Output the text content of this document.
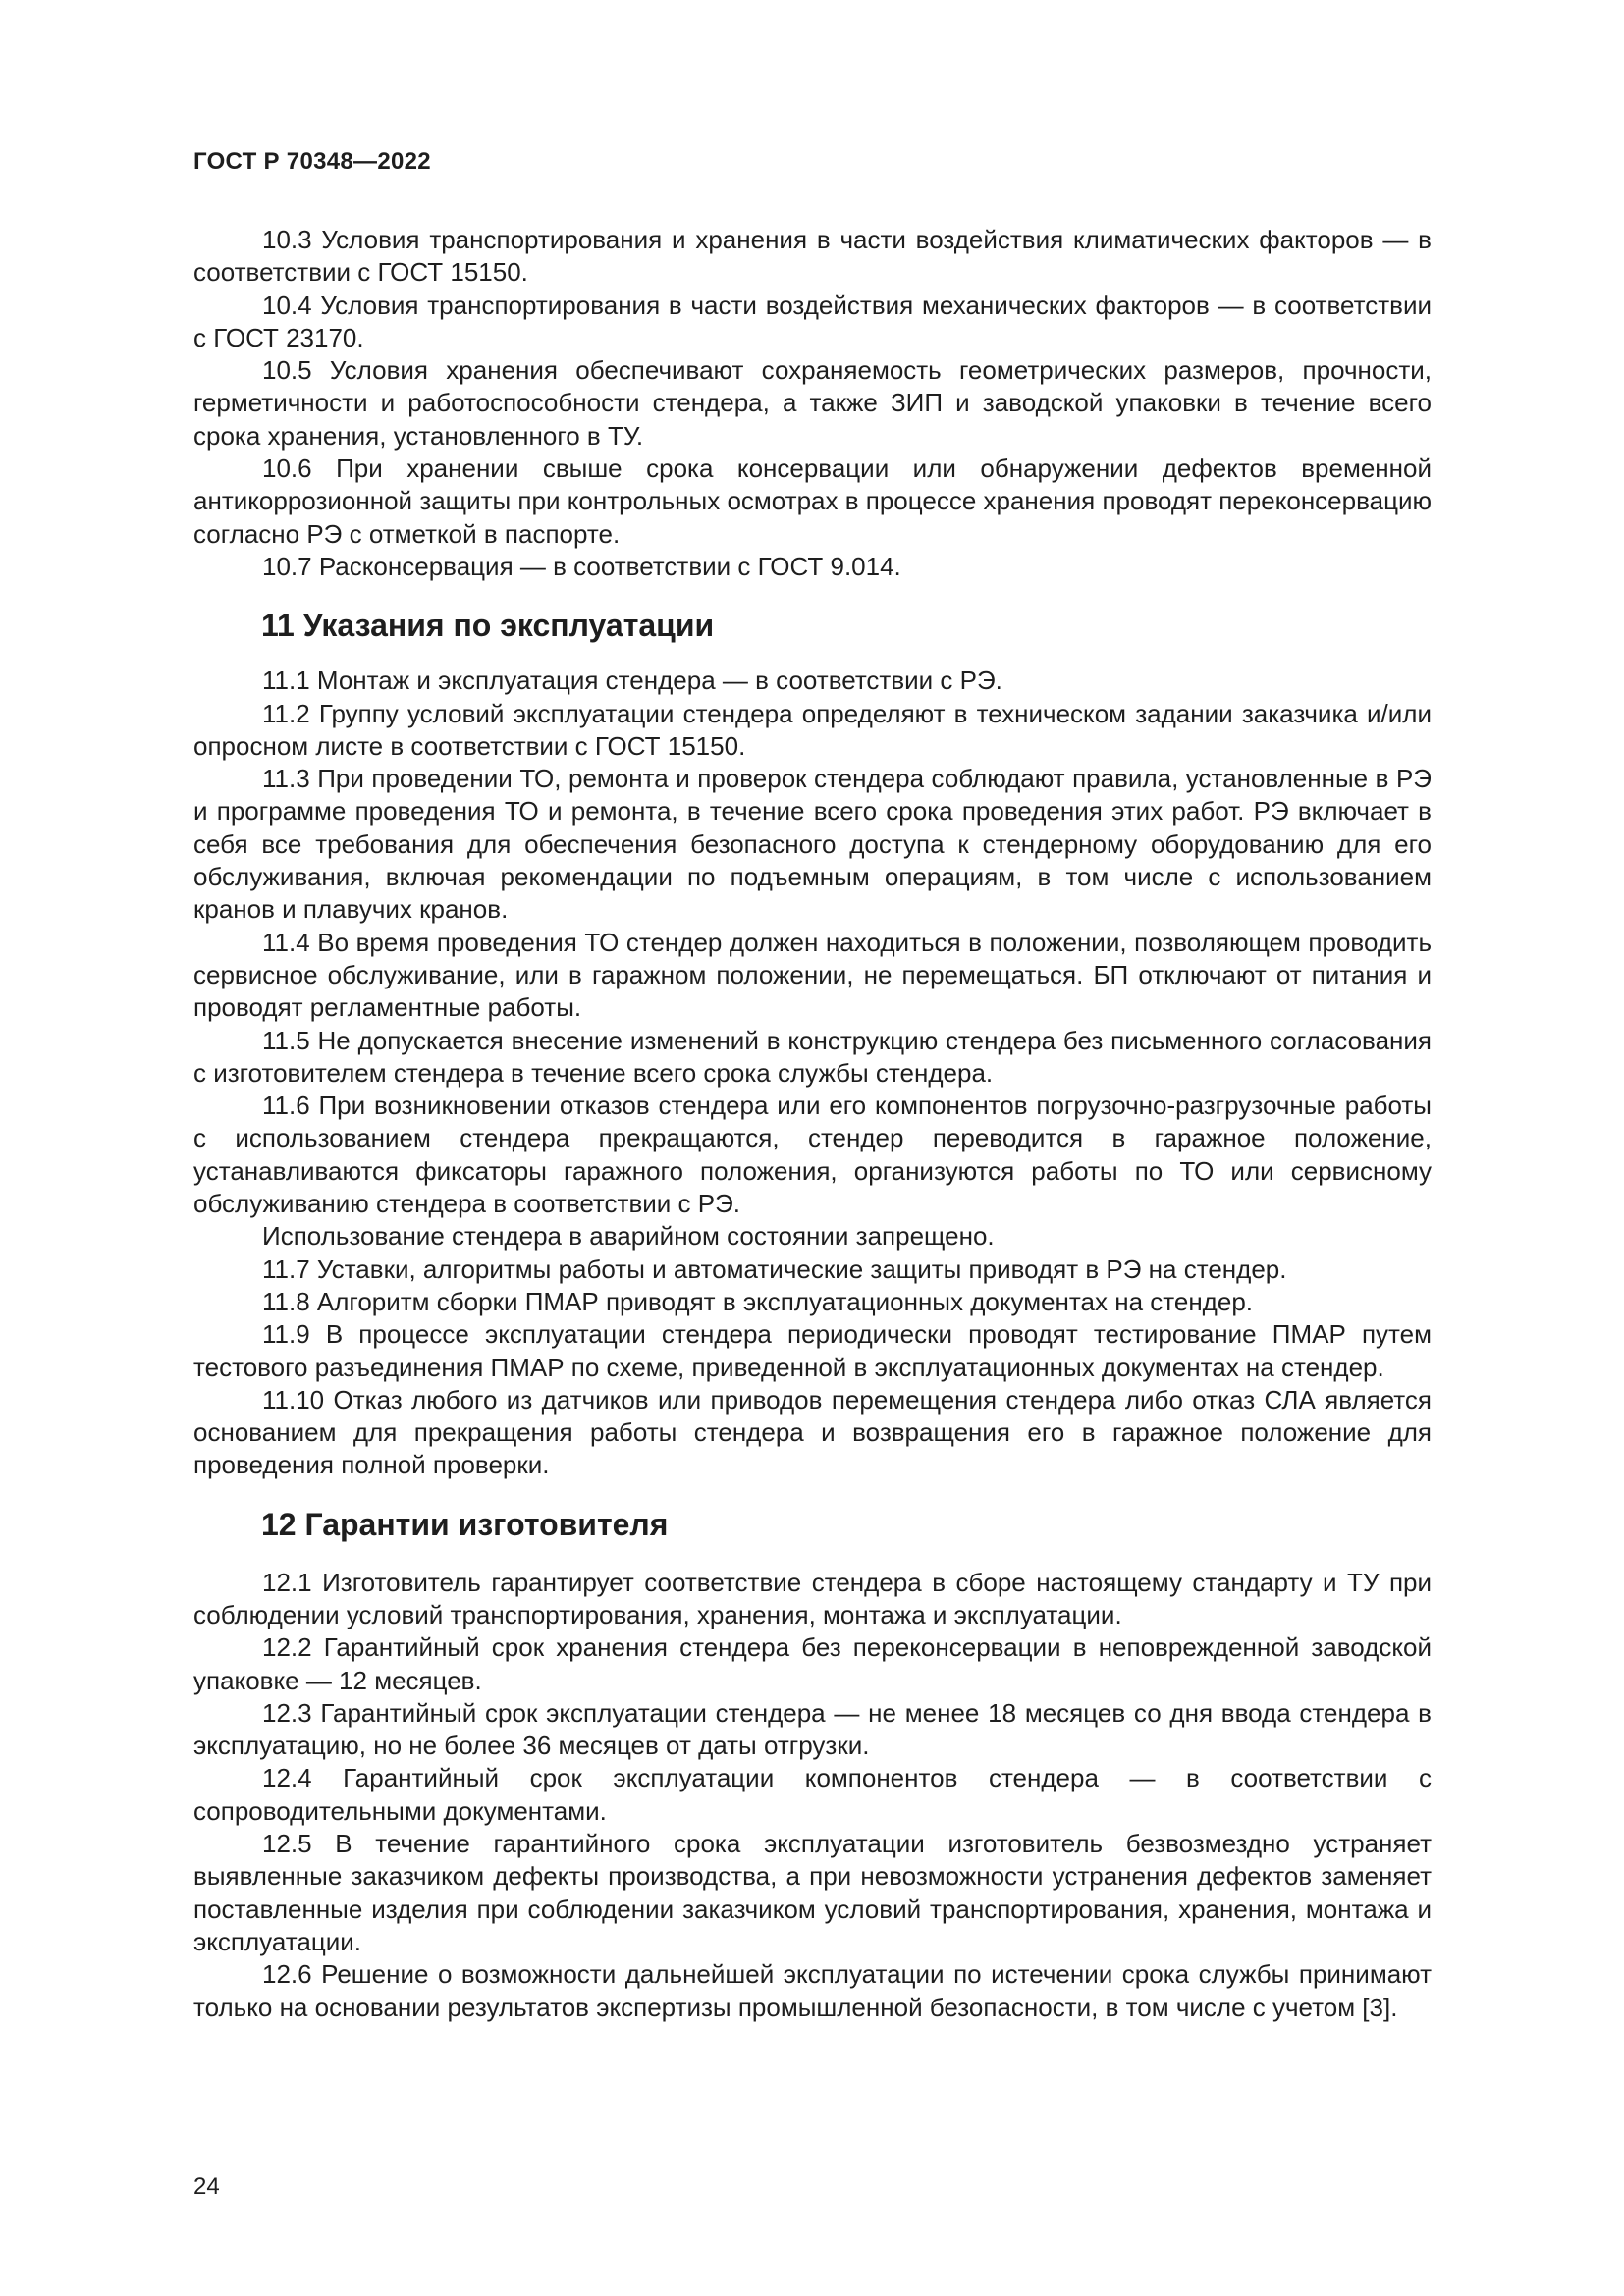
ГОСТ Р 70348—2022

10.3 Условия транспортирования и хранения в части воздействия климатических факторов — в соответствии с ГОСТ 15150.

10.4 Условия транспортирования в части воздействия механических факторов — в соответствии с ГОСТ 23170.

10.5 Условия хранения обеспечивают сохраняемость геометрических размеров, прочности, герметичности и работоспособности стендера, а также ЗИП и заводской упаковки в течение всего срока хранения, установленного в ТУ.

10.6 При хранении свыше срока консервации или обнаружении дефектов временной антикоррозионной защиты при контрольных осмотрах в процессе хранения проводят переконсервацию согласно РЭ с отметкой в паспорте.

10.7 Расконсервация — в соответствии с ГОСТ 9.014.

11 Указания по эксплуатации

11.1 Монтаж и эксплуатация стендера — в соответствии с РЭ.

11.2 Группу условий эксплуатации стендера определяют в техническом задании заказчика и/или опросном листе в соответствии с ГОСТ 15150.

11.3 При проведении ТО, ремонта и проверок стендера соблюдают правила, установленные в РЭ и программе проведения ТО и ремонта, в течение всего срока проведения этих работ. РЭ включает в себя все требования для обеспечения безопасного доступа к стендерному оборудованию для его обслуживания, включая рекомендации по подъемным операциям, в том числе с использованием кранов и плавучих кранов.

11.4 Во время проведения ТО стендер должен находиться в положении, позволяющем проводить сервисное обслуживание, или в гаражном положении, не перемещаться. БП отключают от питания и проводят регламентные работы.

11.5 Не допускается внесение изменений в конструкцию стендера без письменного согласования с изготовителем стендера в течение всего срока службы стендера.

11.6 При возникновении отказов стендера или его компонентов погрузочно-разгрузочные работы с использованием стендера прекращаются, стендер переводится в гаражное положение, устанавливаются фиксаторы гаражного положения, организуются работы по ТО или сервисному обслуживанию стендера в соответствии с РЭ.

Использование стендера в аварийном состоянии запрещено.

11.7 Уставки, алгоритмы работы и автоматические защиты приводят в РЭ на стендер.

11.8 Алгоритм сборки ПМАР приводят в эксплуатационных документах на стендер.

11.9 В процессе эксплуатации стендера периодически проводят тестирование ПМАР путем тестового разъединения ПМАР по схеме, приведенной в эксплуатационных документах на стендер.

11.10 Отказ любого из датчиков или приводов перемещения стендера либо отказ СЛА является основанием для прекращения работы стендера и возвращения его в гаражное положение для проведения полной проверки.

12 Гарантии изготовителя

12.1 Изготовитель гарантирует соответствие стендера в сборе настоящему стандарту и ТУ при соблюдении условий транспортирования, хранения, монтажа и эксплуатации.

12.2 Гарантийный срок хранения стендера без переконсервации в неповрежденной заводской упаковке — 12 месяцев.

12.3 Гарантийный срок эксплуатации стендера — не менее 18 месяцев со дня ввода стендера в эксплуатацию, но не более 36 месяцев от даты отгрузки.

12.4 Гарантийный срок эксплуатации компонентов стендера — в соответствии с сопроводительными документами.

12.5 В течение гарантийного срока эксплуатации изготовитель безвозмездно устраняет выявленные заказчиком дефекты производства, а при невозможности устранения дефектов заменяет поставленные изделия при соблюдении заказчиком условий транспортирования, хранения, монтажа и эксплуатации.

12.6 Решение о возможности дальнейшей эксплуатации по истечении срока службы принимают только на основании результатов экспертизы промышленной безопасности, в том числе с учетом [3].

24
